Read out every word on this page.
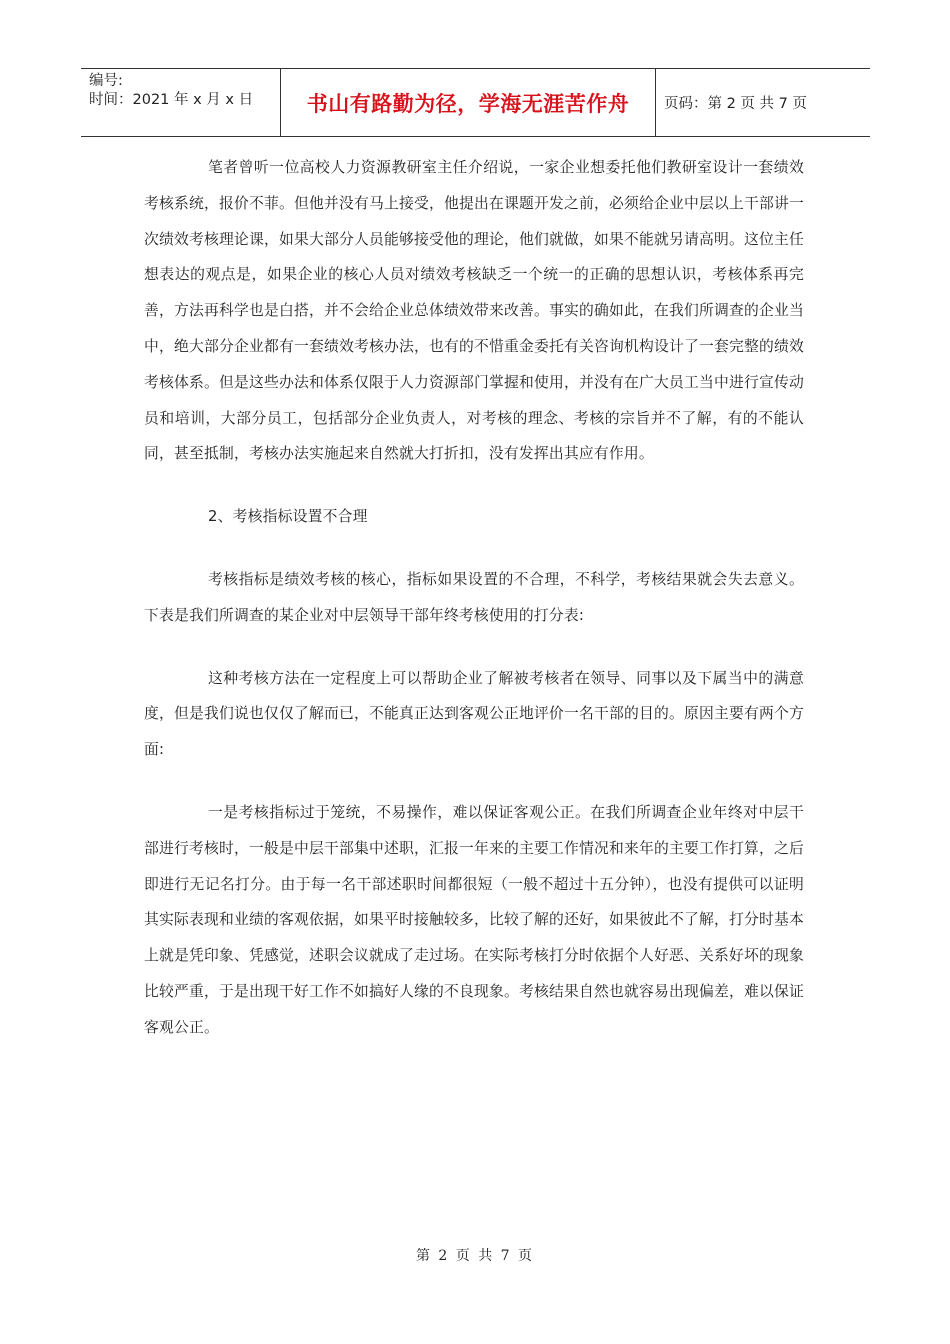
编号:
时间：2021 年 x 月 x 日	书山有路勤为径，学海无涯苦作舟 页码：第 2 页 共 7 页

笔者曾听一位高校人力资源教研室主任介绍说，一家企业想委托他们教研室设计一套绩效考核系统，报价不菲。但他并没有马上接受，他提出在课题开发之前，必须给企业中层以上干部讲一次绩效考核理论课，如果大部分人员能够接受他的理论，他们就做，如果不能就另请高明。这位主任想表达的观点是，如果企业的核心人员对绩效考核缺乏一个统一的正确的思想认识，考核体系再完善，方法再科学也是白搭，并不会给企业总体绩效带来改善。事实的确如此，在我们所调查的企业当中，绝大部分企业都有一套绩效考核办法，也有的不惜重金委托有关咨询机构设计了一套完整的绩效考核体系。但是这些办法和体系仅限于人力资源部门掌握和使用，并没有在广大员工当中进行宣传动员和培训，大部分员工，包括部分企业负责人，对考核的理念、考核的宗旨并不了解，有的不能认同，甚至抵制，考核办法实施起来自然就大打折扣，没有发挥出其应有作用。

2、考核指标设置不合理

考核指标是绩效考核的核心，指标如果设置的不合理，不科学，考核结果就会失去意义。下表是我们所调查的某企业对中层领导干部年终考核使用的打分表:

这种考核方法在一定程度上可以帮助企业了解被考核者在领导、同事以及下属当中的满意度，但是我们说也仅仅了解而已，不能真正达到客观公正地评价一名干部的目的。原因主要有两个方面:

一是考核指标过于笼统，不易操作，难以保证客观公正。在我们所调查企业年终对中层干部进行考核时，一般是中层干部集中述职，汇报一年来的主要工作情况和来年的主要工作打算，之后即进行无记名打分。由于每一名干部述职时间都很短（一般不超过十五分钟），也没有提供可以证明其实际表现和业绩的客观依据，如果平时接触较多，比较了解的还好，如果彼此不了解，打分时基本上就是凭印象、凭感觉，述职会议就成了走过场。在实际考核打分时依据个人好恶、关系好坏的现象比较严重，于是出现干好工作不如搞好人缘的不良现象。考核结果自然也就容易出现偏差，难以保证客观公正。

第 2 页 共 7 页
